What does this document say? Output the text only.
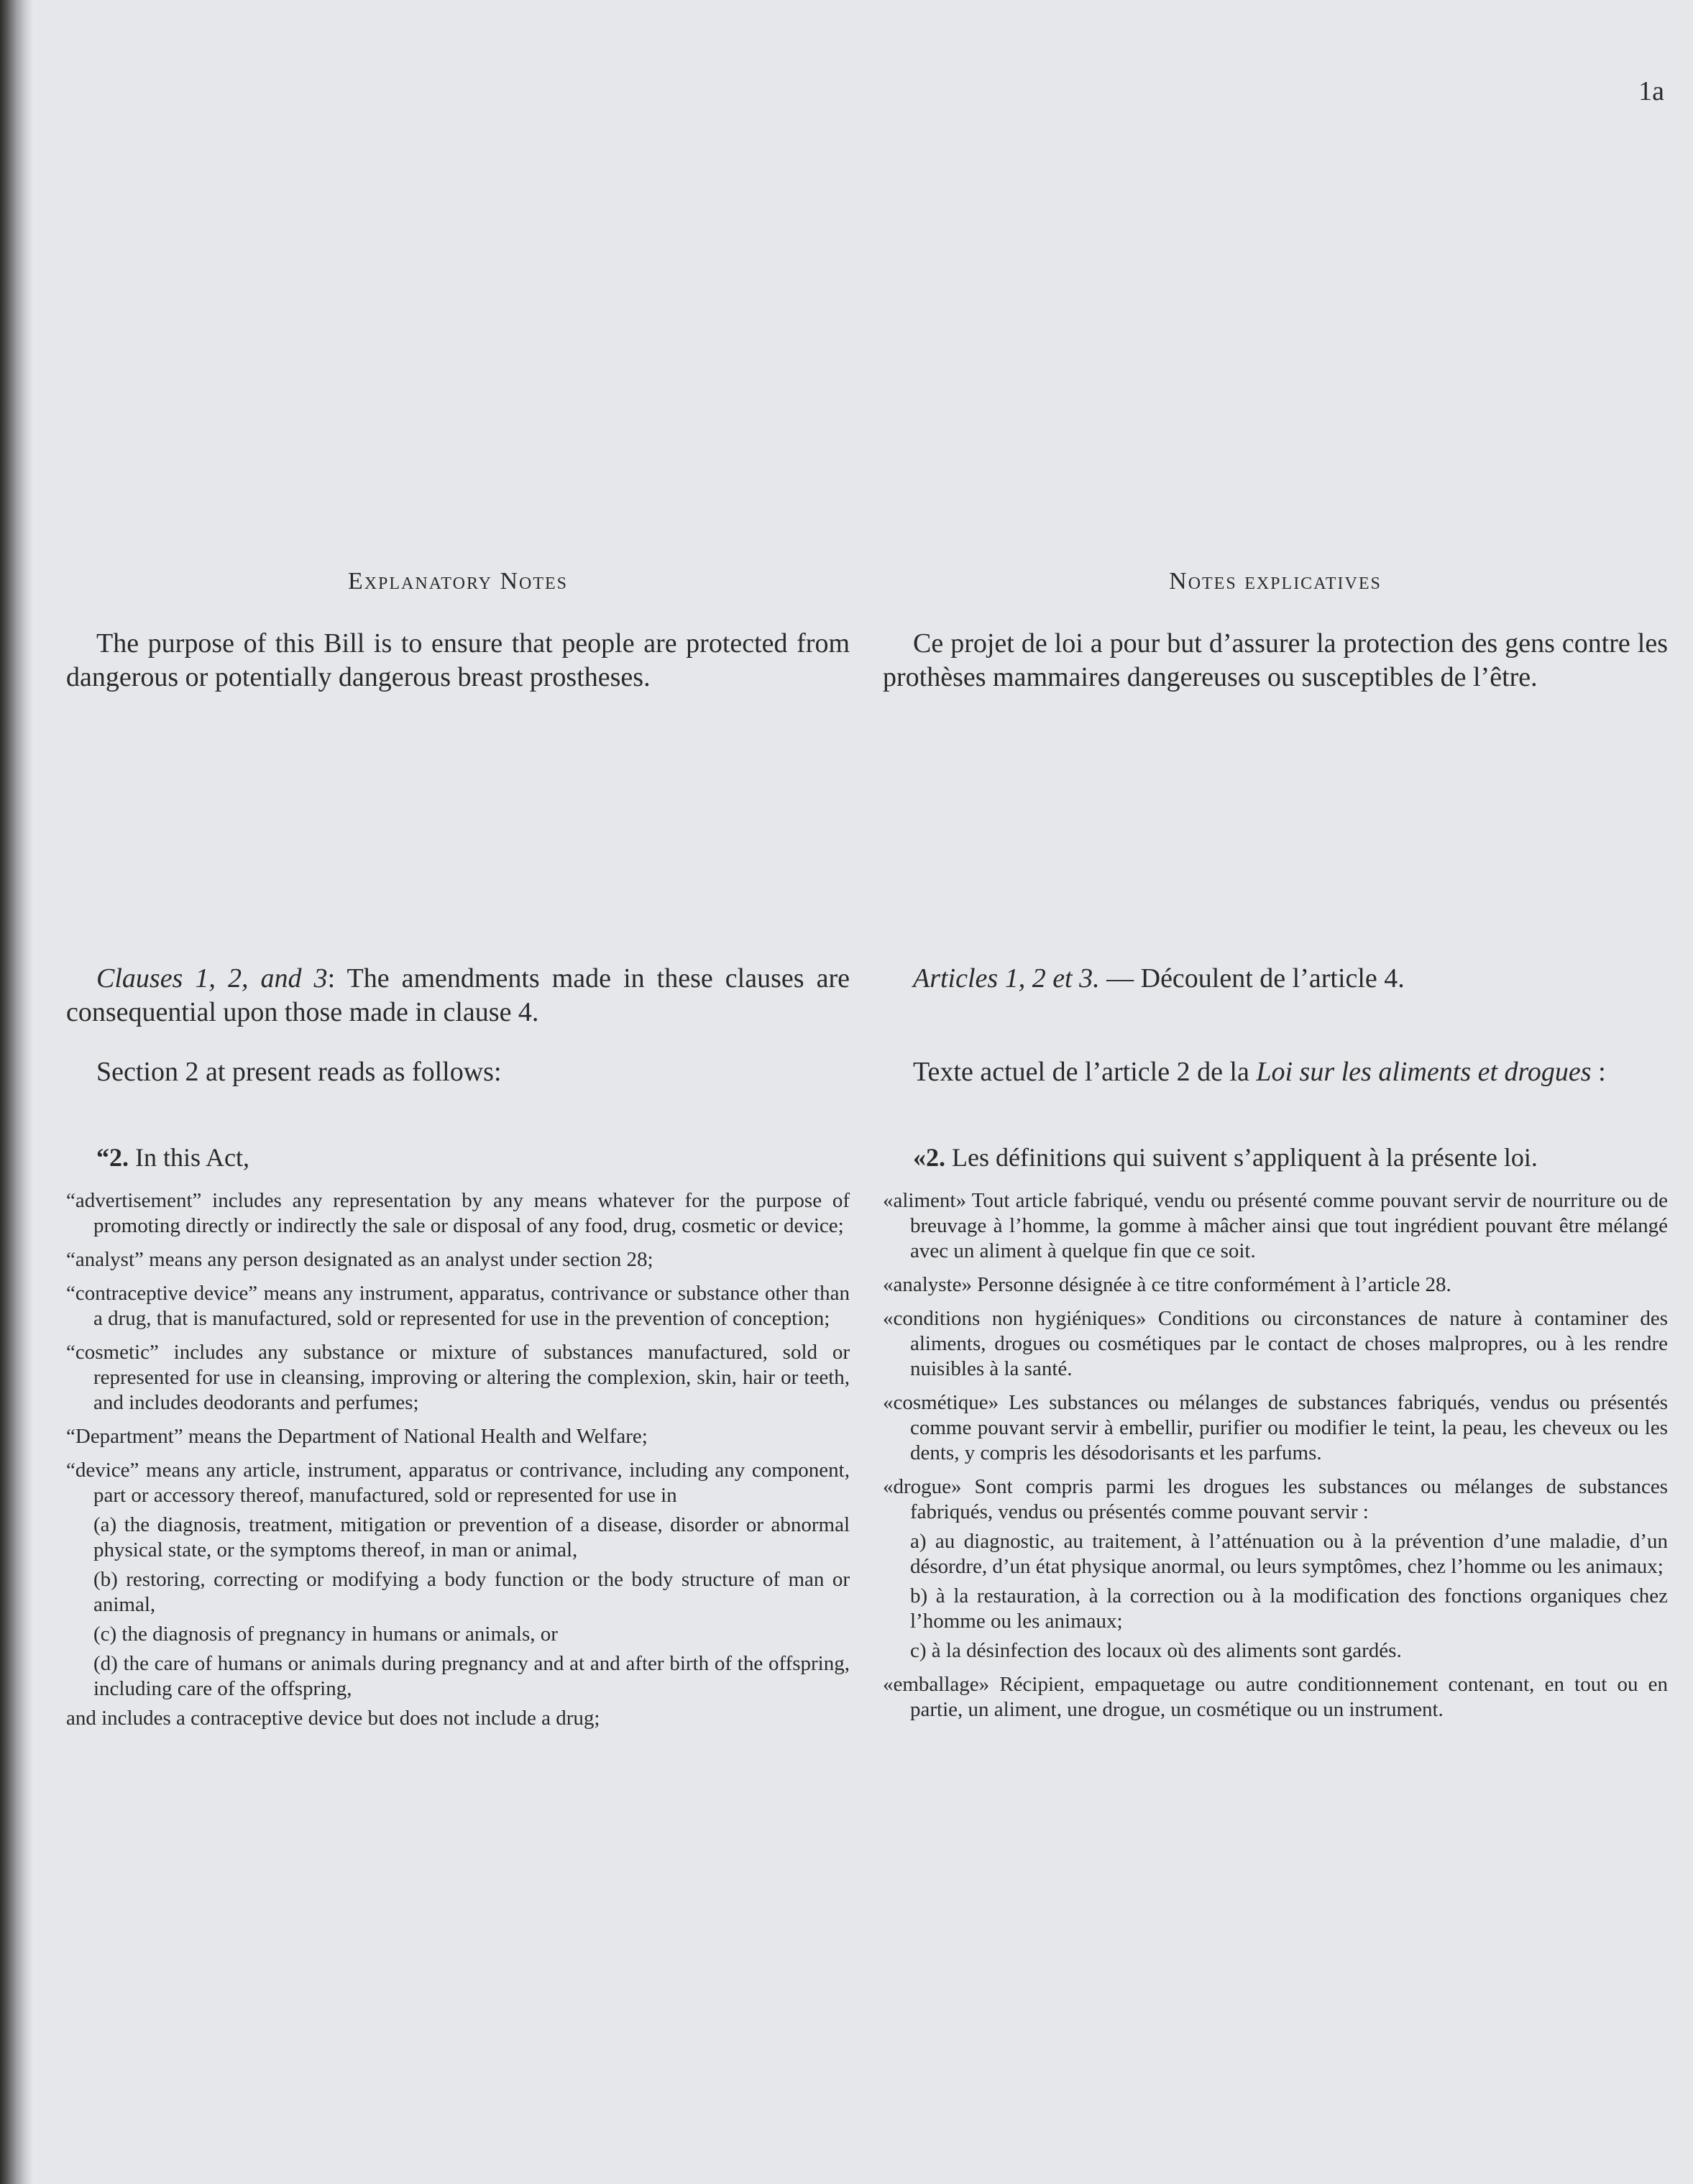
1a
Explanatory Notes
The purpose of this Bill is to ensure that people are protected from dangerous or potentially dangerous breast prostheses.
Clauses 1, 2, and 3: The amendments made in these clauses are consequential upon those made in clause 4.
Section 2 at present reads as follows:
“2. In this Act,
“advertisement” includes any representation by any means whatever for the purpose of promoting directly or indirectly the sale or disposal of any food, drug, cosmetic or device;
“analyst” means any person designated as an analyst under section 28;
“contraceptive device” means any instrument, apparatus, contrivance or substance other than a drug, that is manufactured, sold or represented for use in the prevention of conception;
“cosmetic” includes any substance or mixture of substances manufactured, sold or represented for use in cleansing, improving or altering the complexion, skin, hair or teeth, and includes deodorants and perfumes;
“Department” means the Department of National Health and Welfare;
“device” means any article, instrument, apparatus or contrivance, including any component, part or accessory thereof, manufactured, sold or represented for use in
(a) the diagnosis, treatment, mitigation or prevention of a disease, disorder or abnormal physical state, or the symptoms thereof, in man or animal,
(b) restoring, correcting or modifying a body function or the body structure of man or animal,
(c) the diagnosis of pregnancy in humans or animals, or
(d) the care of humans or animals during pregnancy and at and after birth of the offspring, including care of the offspring,
and includes a contraceptive device but does not include a drug;
Notes explicatives
Ce projet de loi a pour but d’assurer la protection des gens contre les prothèses mammaires dangereuses ou susceptibles de l’être.
Articles 1, 2 et 3. — Découlent de l’article 4.
Texte actuel de l’article 2 de la Loi sur les aliments et drogues :
«2. Les définitions qui suivent s’appliquent à la présente loi.
«aliment» Tout article fabriqué, vendu ou présenté comme pouvant servir de nourriture ou de breuvage à l’homme, la gomme à mâcher ainsi que tout ingrédient pouvant être mélangé avec un aliment à quelque fin que ce soit.
«analyste» Personne désignée à ce titre conformément à l’article 28.
«conditions non hygiéniques» Conditions ou circonstances de nature à contaminer des aliments, drogues ou cosmétiques par le contact de choses malpropres, ou à les rendre nuisibles à la santé.
«cosmétique» Les substances ou mélanges de substances fabriqués, vendus ou présentés comme pouvant servir à embellir, purifier ou modifier le teint, la peau, les cheveux ou les dents, y compris les désodorisants et les parfums.
«drogue» Sont compris parmi les drogues les substances ou mélanges de substances fabriqués, vendus ou présentés comme pouvant servir :
a) au diagnostic, au traitement, à l’atténuation ou à la prévention d’une maladie, d’un désordre, d’un état physique anormal, ou leurs symptômes, chez l’homme ou les animaux;
b) à la restauration, à la correction ou à la modification des fonctions organiques chez l’homme ou les animaux;
c) à la désinfection des locaux où des aliments sont gardés.
«emballage» Récipient, empaquetage ou autre conditionnement contenant, en tout ou en partie, un aliment, une drogue, un cosmétique ou un instrument.
